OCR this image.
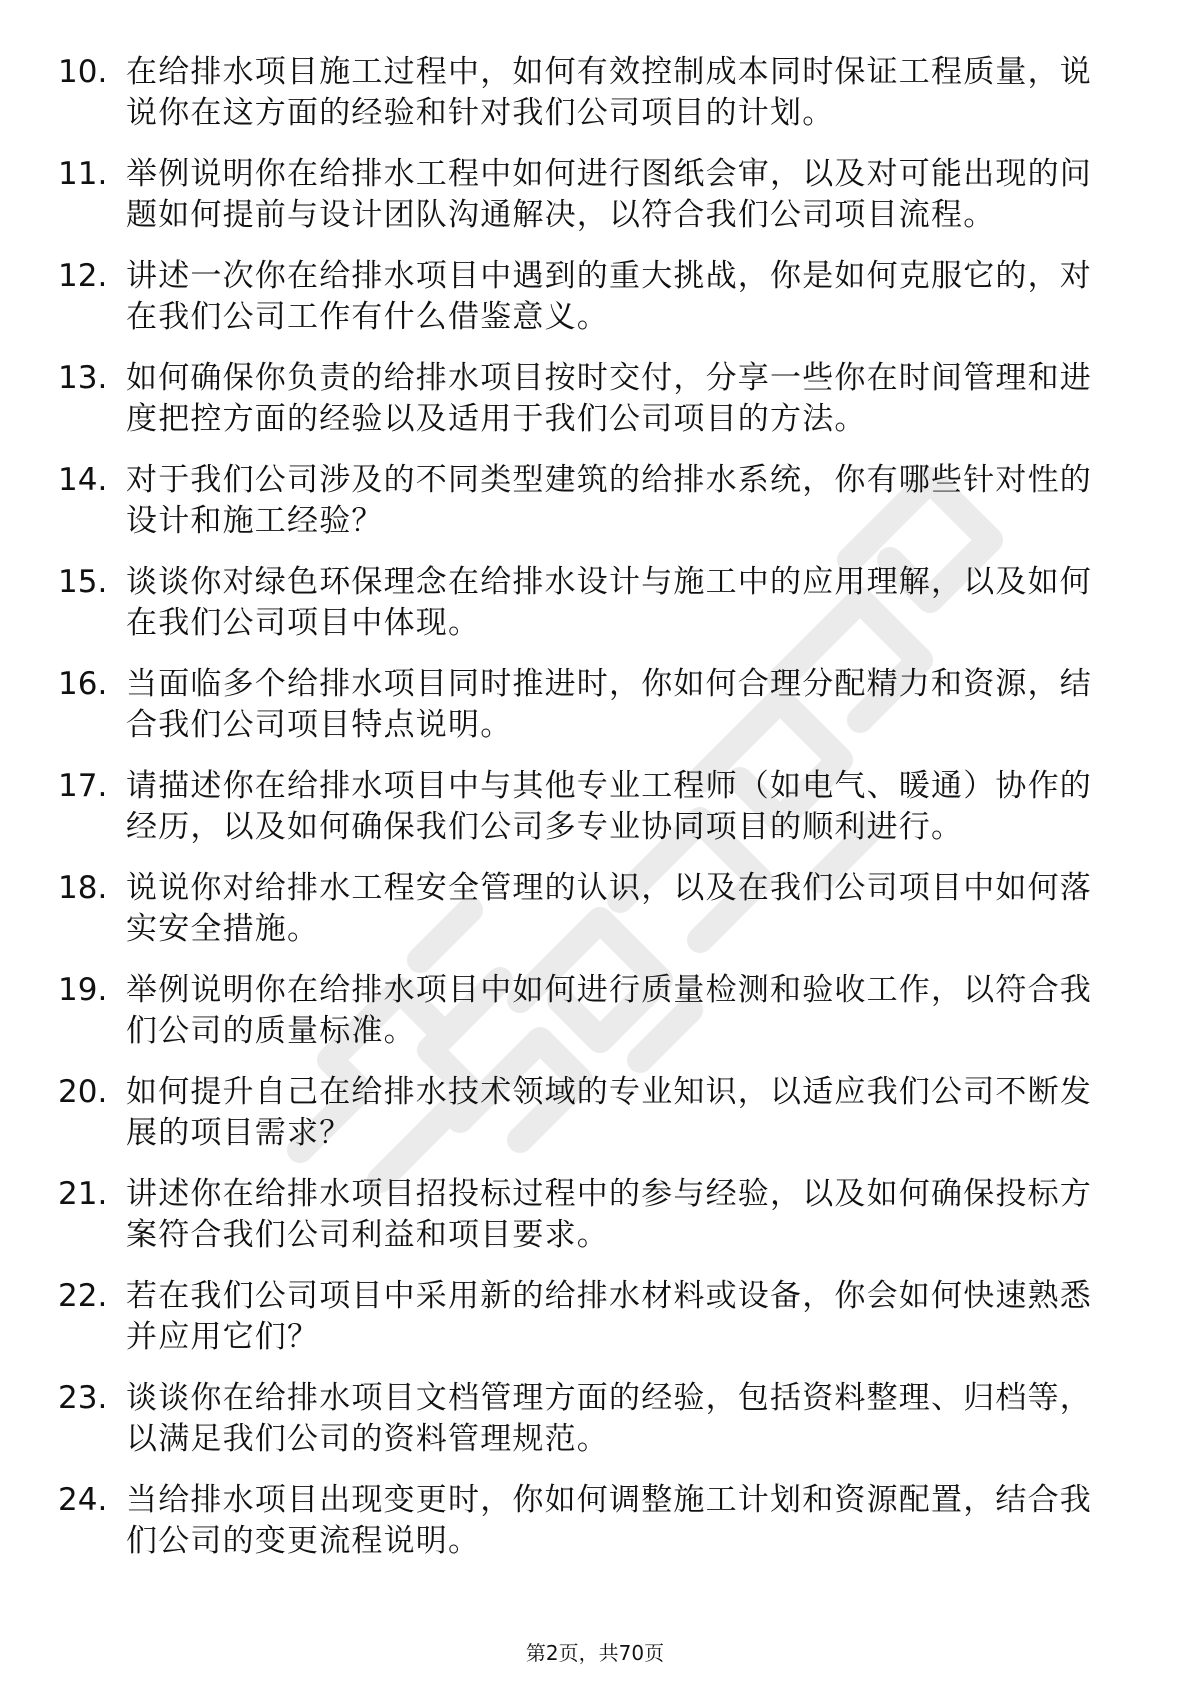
10. 在给排水项目施工过程中，如何有效控制成本同时保证工程质量，说说你在这方面的经验和针对我们公司项目的计划。
11. 举例说明你在给排水工程中如何进行图纸会审，以及对可能出现的问题如何提前与设计团队沟通解决，以符合我们公司项目流程。
12. 讲述一次你在给排水项目中遇到的重大挑战，你是如何克服它的，对在我们公司工作有什么借鉴意义。
13. 如何确保你负责的给排水项目按时交付，分享一些你在时间管理和进度把控方面的经验以及适用于我们公司项目的方法。
14. 对于我们公司涉及的不同类型建筑的给排水系统，你有哪些针对性的设计和施工经验？
15. 谈谈你对绿色环保理念在给排水设计与施工中的应用理解，以及如何在我们公司项目中体现。
16. 当面临多个给排水项目同时推进时，你如何合理分配精力和资源，结合我们公司项目特点说明。
17. 请描述你在给排水项目中与其他专业工程师（如电气、暖通）协作的经历，以及如何确保我们公司多专业协同项目的顺利进行。
18. 说说你对给排水工程安全管理的认识，以及在我们公司项目中如何落实安全措施。
19. 举例说明你在给排水项目中如何进行质量检测和验收工作，以符合我们公司的质量标准。
20. 如何提升自己在给排水技术领域的专业知识，以适应我们公司不断发展的项目需求？
21. 讲述你在给排水项目招投标过程中的参与经验，以及如何确保投标方案符合我们公司利益和项目要求。
22. 若在我们公司项目中采用新的给排水材料或设备，你会如何快速熟悉并应用它们？
23. 谈谈你在给排水项目文档管理方面的经验，包括资料整理、归档等，以满足我们公司的资料管理规范。
24. 当给排水项目出现变更时，你如何调整施工计划和资源配置，结合我们公司的变更流程说明。
第2页，共70页
